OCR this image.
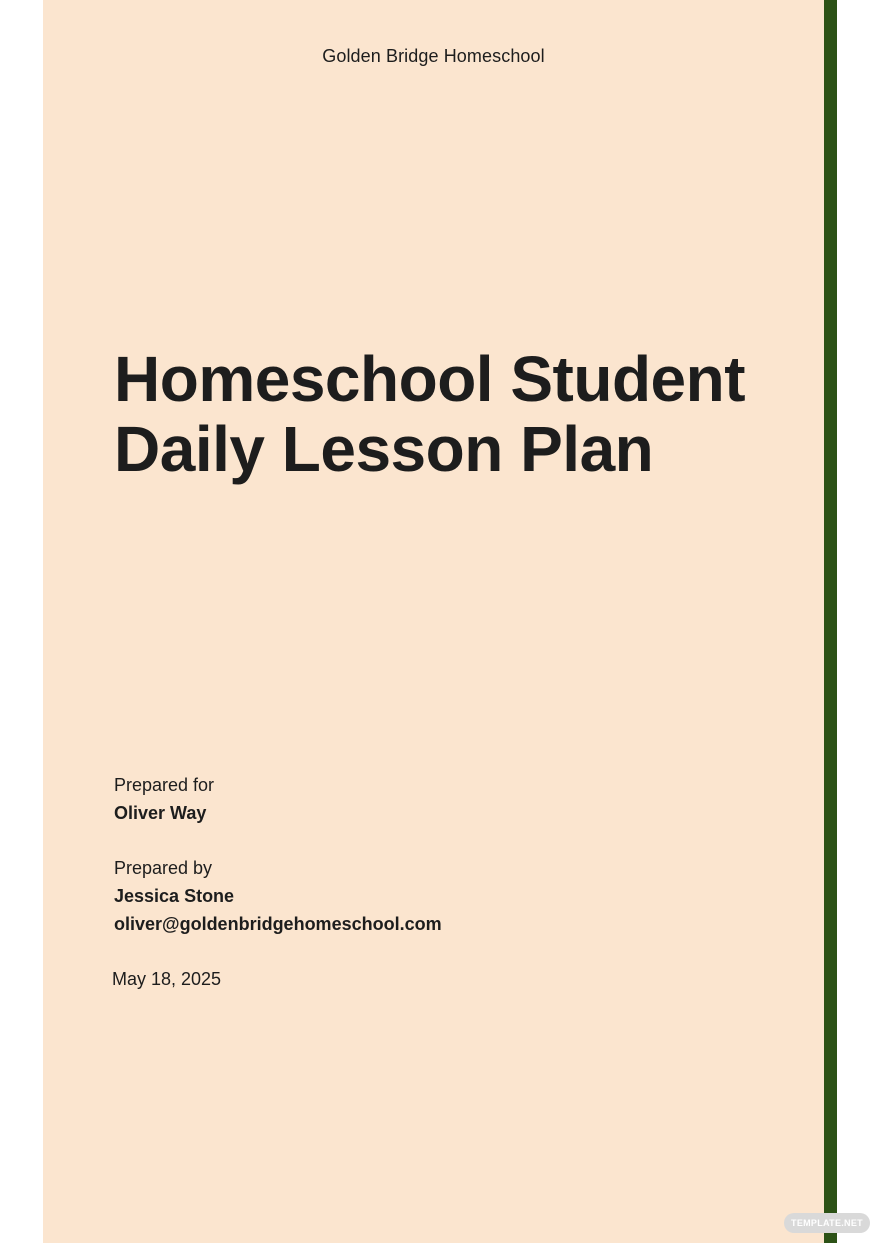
Golden Bridge Homeschool
Homeschool Student
Daily Lesson Plan
Prepared for
Oliver Way
Prepared by
Jessica Stone
oliver@goldenbridgehomeschool.com
May 18, 2025
TEMPLATE.NET
